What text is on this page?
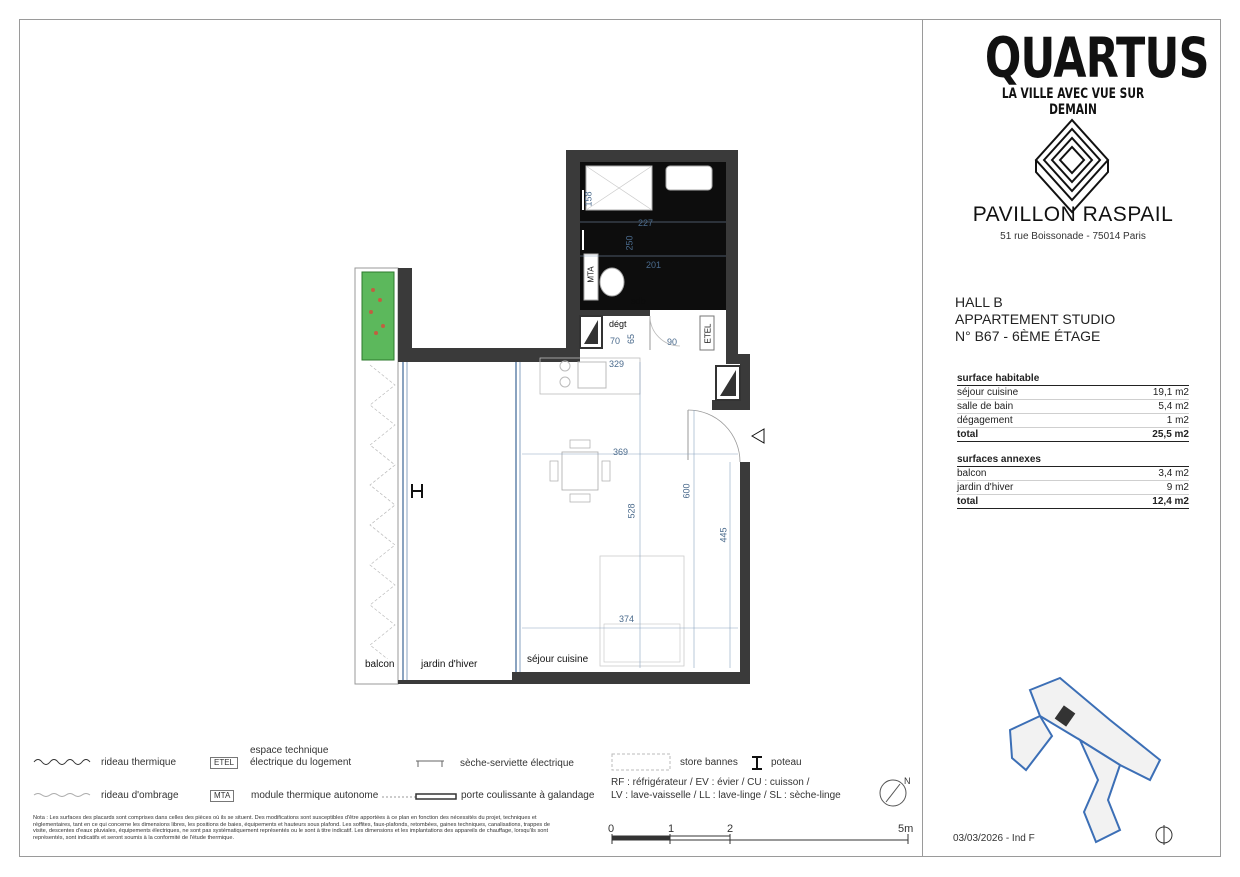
QUARTUS
LA VILLE AVEC VUE SUR DEMAIN
PAVILLON RASPAIL
51 rue Boissonade - 75014 Paris
HALL B
APPARTEMENT STUDIO
N° B67 - 6ÈME ÉTAGE
surface habitable
séjour cuisine	19,1 m2
salle de bain	5,4 m2
dégagement	1 m2
total	25,5 m2
surfaces annexes
balcon	3,4 m2
jardin d'hiver	9 m2
total	12,4 m2
03/03/2026 - Ind F
balcon	jardin d'hiver	séjour cuisine
dégt
sdb
MTA
ETEL
158
227
250
201
70 65	90
329
369
600
528
445
374
rideau thermique
rideau d'ombrage
ETEL
espace technique électrique du logement
MTA	module thermique autonome
sèche-serviette électrique
porte coulissante à galandage
store bannes	poteau
RF : réfrigérateur / EV : évier / CU : cuisson /
LV : lave-vaisselle / LL : lave-linge / SL : sèche-linge
N
0	1	2	5m
Nota : Les surfaces des placards sont comprises dans celles des pièces où ils se situent. Des modifications sont susceptibles d'être apportées à ce plan en fonction des nécessités du projet, techniques et réglementaires, tant en ce qui concerne les dimensions libres, les positions de baies, équipements et hauteurs sous plafond. Les soffites, faux-plafonds, retombées, gaines techniques, canalisations, trappes de visite, descentes d'eaux pluviales, équipements électriques, ne sont pas systématiquement représentés ou le sont à titre indicatif. Les dimensions et les implantations des appareils de chauffage, lorsqu'ils sont représentés, sont indicatifs et seront soumis à la conformité de l'étude thermique.
